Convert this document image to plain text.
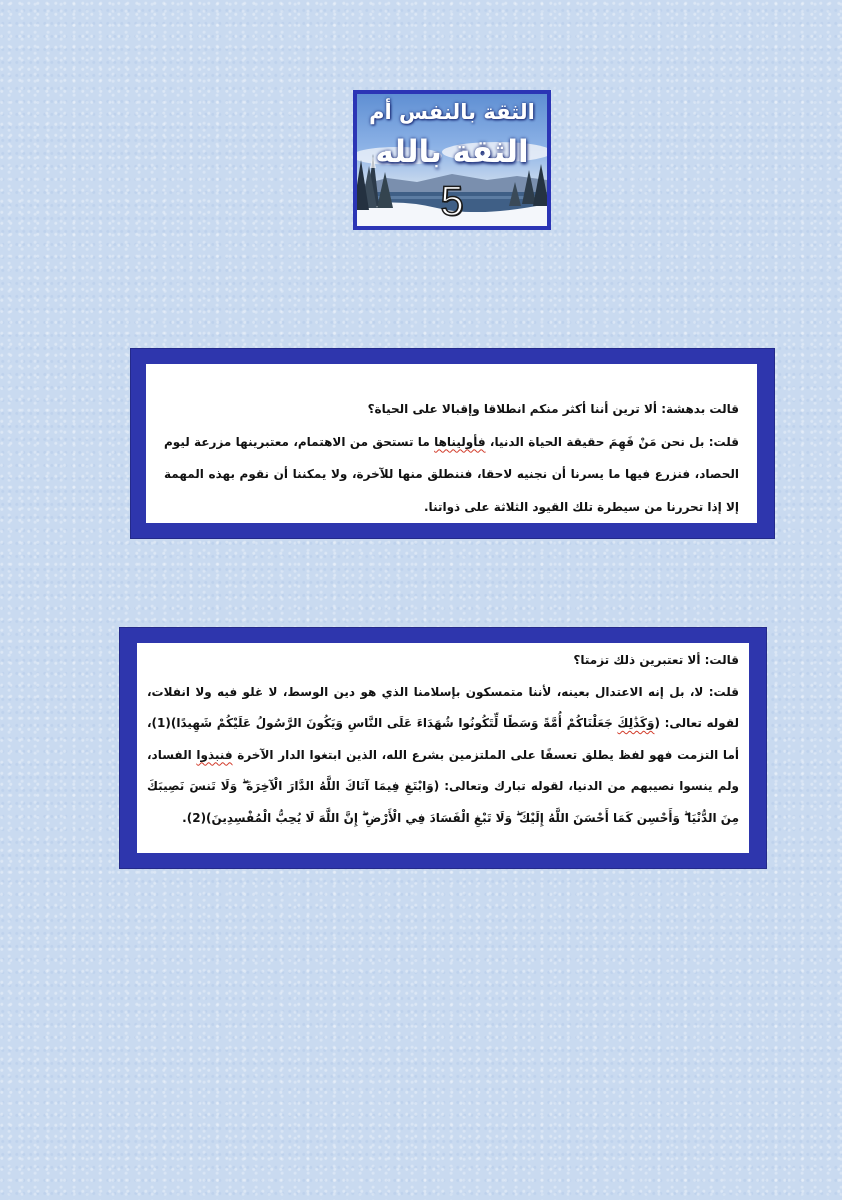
الثقة بالنفس أم
الثقة بالله
5

قالت بدهشة: ألا ترين أننا أكثر منكم انطلاقا وإقبالا على الحياة؟

قلت: بل نحن مَنْ فَهِمَ حقيقة الحياة الدنيا، فأوليناها ما تستحق من الاهتمام، معتبرينها مزرعة ليوم الحصاد، فنزرع فيها ما يسرنا أن نجنيه لاحقا، فننطلق منها للآخرة، ولا يمكننا أن نقوم بهذه المهمة إلا إذا تحررنا من سيطرة تلك القيود الثلاثة على ذواتنا.

قالت: ألا تعتبرين ذلك تزمتا؟

قلت: لا، بل إنه الاعتدال بعينه، لأننا متمسكون بإسلامنا الذي هو دين الوسط، لا غلو فيه ولا انفلات، لقوله تعالى: (وَكَذَٰلِكَ جَعَلْنَاكُمْ أُمَّةً وَسَطًا لِّتَكُونُوا شُهَدَاءَ عَلَى النَّاسِ وَيَكُونَ الرَّسُولُ عَلَيْكُمْ شَهِيدًا)(1)، أما التزمت فهو لفظ يطلق تعسفًا على الملتزمين بشرع الله، الذين ابتغوا الدار الآخرة فنبذوا الفساد، ولم ينسوا نصيبهم من الدنيا، لقوله تبارك وتعالى: (وَابْتَغِ فِيمَا آتَاكَ اللَّهُ الدَّارَ الْآخِرَةَ ۖ وَلَا تَنسَ نَصِيبَكَ مِنَ الدُّنْيَا ۖ وَأَحْسِن كَمَا أَحْسَنَ اللَّهُ إِلَيْكَ ۖ وَلَا تَبْغِ الْفَسَادَ فِي الْأَرْضِ ۖ إِنَّ اللَّهَ لَا يُحِبُّ الْمُفْسِدِينَ)(2).
